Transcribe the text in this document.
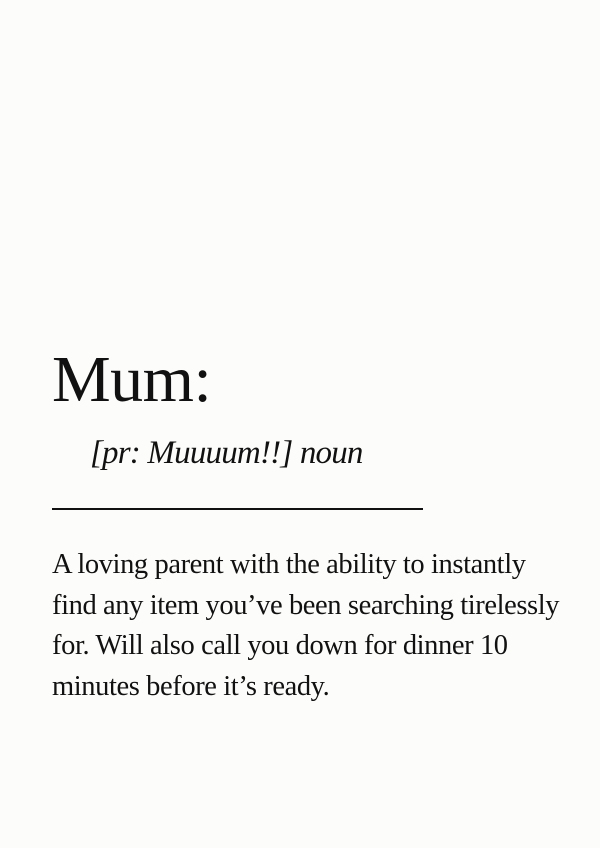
Mum:

[pr: Muuuum!!] noun

A loving parent with the ability to instantly find any item you’ve been searching tirelessly for. Will also call you down for dinner 10 minutes before it’s ready.
